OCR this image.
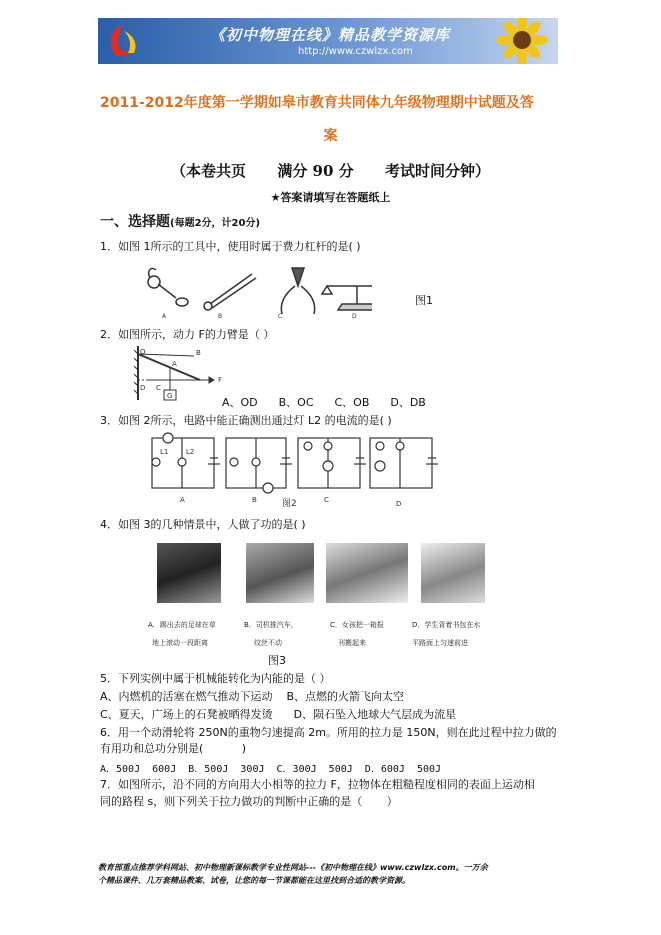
《初中物理在线》精品教学资源库
http://www.czwlzx.com
2011-2012年度第一学期如皋市教育共同体九年级物理期中试题及答
案
（本卷共页      满分 90 分      考试时间分钟）
★答案请填写在答题纸上
一、选择题(每题2分，计20分)
1．如图 1所示的工具中，使用时属于费力杠杆的是( )
A	B	C	D
图1
2．如图所示，动力 F的力臂是（ ）
O	B
A
F
D C
G	A、OD      B、OC      C、OB      D、DB
3．如图 2所示，电路中能正确测出通过灯 L2 的电流的是( )
L1	L2
A	B	C	D
图2
4．如图 3的几种情景中，人做了功的是( )
A．踢出去的足球在草
地上滚动一段距离
B．司机推汽车，
纹丝不动
C．女孩把一箱报
刊搬起来
D．学生背着书包在水
平路面上匀速前进
图3
5．下列实例中属于机械能转化为内能的是（ ）
A、内燃机的活塞在燃气推动下运动    B、点燃的火箭飞向太空
C、夏天，广场上的石凳被晒得发烫      D、陨石坠入地球大气层成为流星
6．用一个动滑轮将 250N的重物匀速提高 2m。所用的拉力是 150N，则在此过程中拉力做的
有用功和总功分别是(           )
A．500J  600J  B．500J  300J  C．300J  500J  D．600J  500J
7．如图所示，沿不同的方向用大小相等的拉力 F，拉物体在粗糙程度相同的表面上运动相
同的路程 s，则下列关于拉力做功的判断中正确的是（       ）
教育部重点推荐学科网站、初中物理新课标教学专业性网站---《初中物理在线》www.czwlzx.com。一万余
个精品课件、几万套精品教案、试卷，让您的每一节课都能在这里找到合适的教学资源。
